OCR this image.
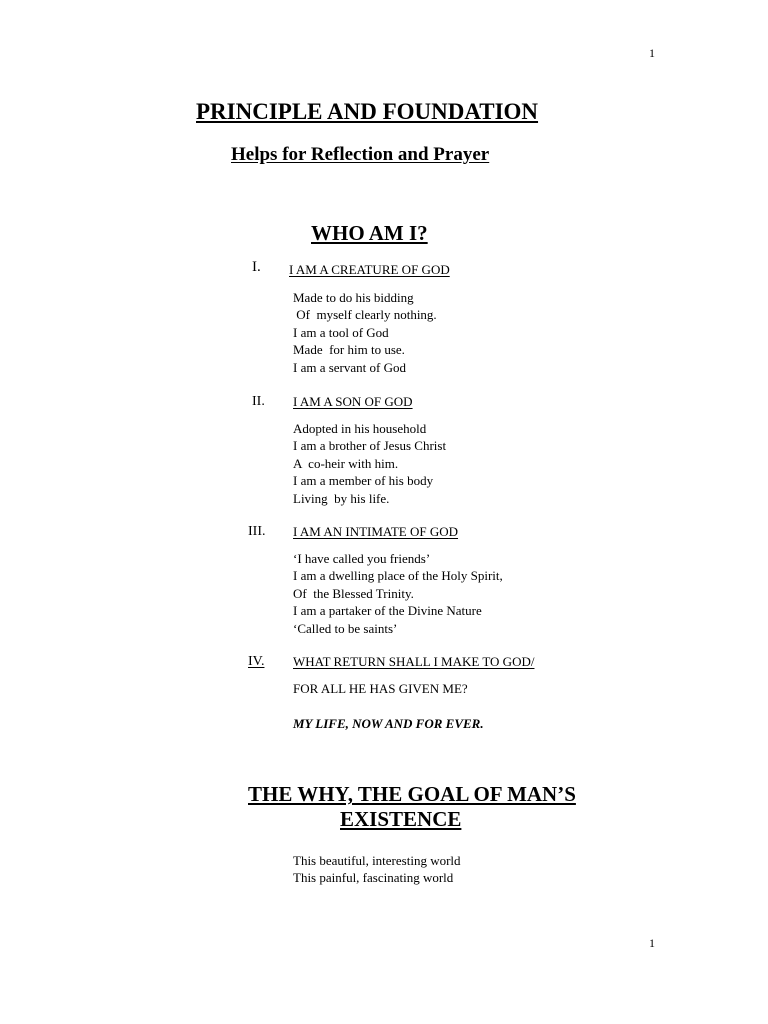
1
PRINCIPLE AND FOUNDATION
Helps for Reflection and Prayer
WHO AM I?
I. I AM A CREATURE OF GOD
Made to do his bidding
Of  myself clearly nothing.
I am a tool of God
Made  for him to use.
I am a servant of God
II. I AM A SON OF GOD
Adopted in his household
I am a brother of Jesus Christ
A  co-heir with him.
I am a member of his body
Living  by his life.
III. I AM AN INTIMATE OF GOD
‘I have called you friends’
I am a dwelling place of the Holy Spirit,
Of  the Blessed Trinity.
I am a partaker of the Divine Nature
‘Called to be saints’
IV. WHAT RETURN SHALL I MAKE TO GOD/
FOR ALL HE HAS GIVEN ME?
MY LIFE, NOW AND FOR EVER.
THE WHY, THE GOAL OF MAN’S
EXISTENCE
This beautiful, interesting world
This painful, fascinating world
1
